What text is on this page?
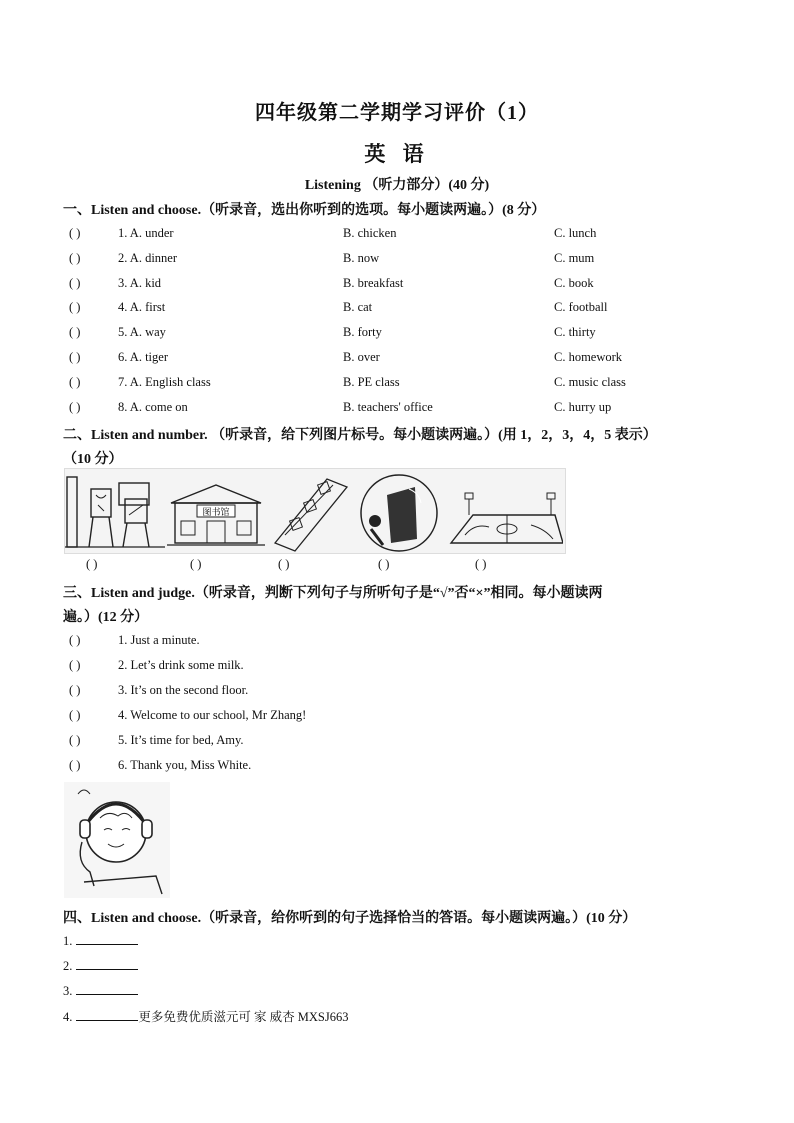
四年级第二学期学习评价（1）
英 语
Listening （听力部分）(40 分)
一、Listen and choose.（听录音，选出你听到的选项。每小题读两遍。）(8 分）
( )	1. A. under	B. chicken	C. lunch
( )	2. A. dinner	B. now	C. mum
( )	3. A. kid	B. breakfast	C. book
( )	4. A. first	B. cat	C. football
( )	5. A. way	B. forty	C. thirty
( )	6. A. tiger	B. over	C. homework
( )	7. A. English class	B. PE class	C. music class
( )	8. A. come on	B. teachers' office	C. hurry up
二、Listen and number. （听录音，给下列图片标号。每小题读两遍。）(用 1，2，3，4，5 表示）
（10 分）
图书馆
( )	( )	( )	( )	( )
三、Listen and judge.（听录音，判断下列句子与所听句子是“√”否“×”相同。每小题读两
遍。）(12 分）
( )	1. Just a minute.
( )	2. Let’s drink some milk.
( )	3. It’s on the second floor.
( )	4. Welcome to our school, Mr Zhang!
( )	5. It’s time for bed, Amy.
( )	6. Thank you, Miss White.
四、Listen and choose.（听录音，给你听到的句子选择恰当的答语。每小题读两遍。）(10 分）
1.
2.
3.
4.	更多免费优质滋元可 家 威杏 MXSJ663
